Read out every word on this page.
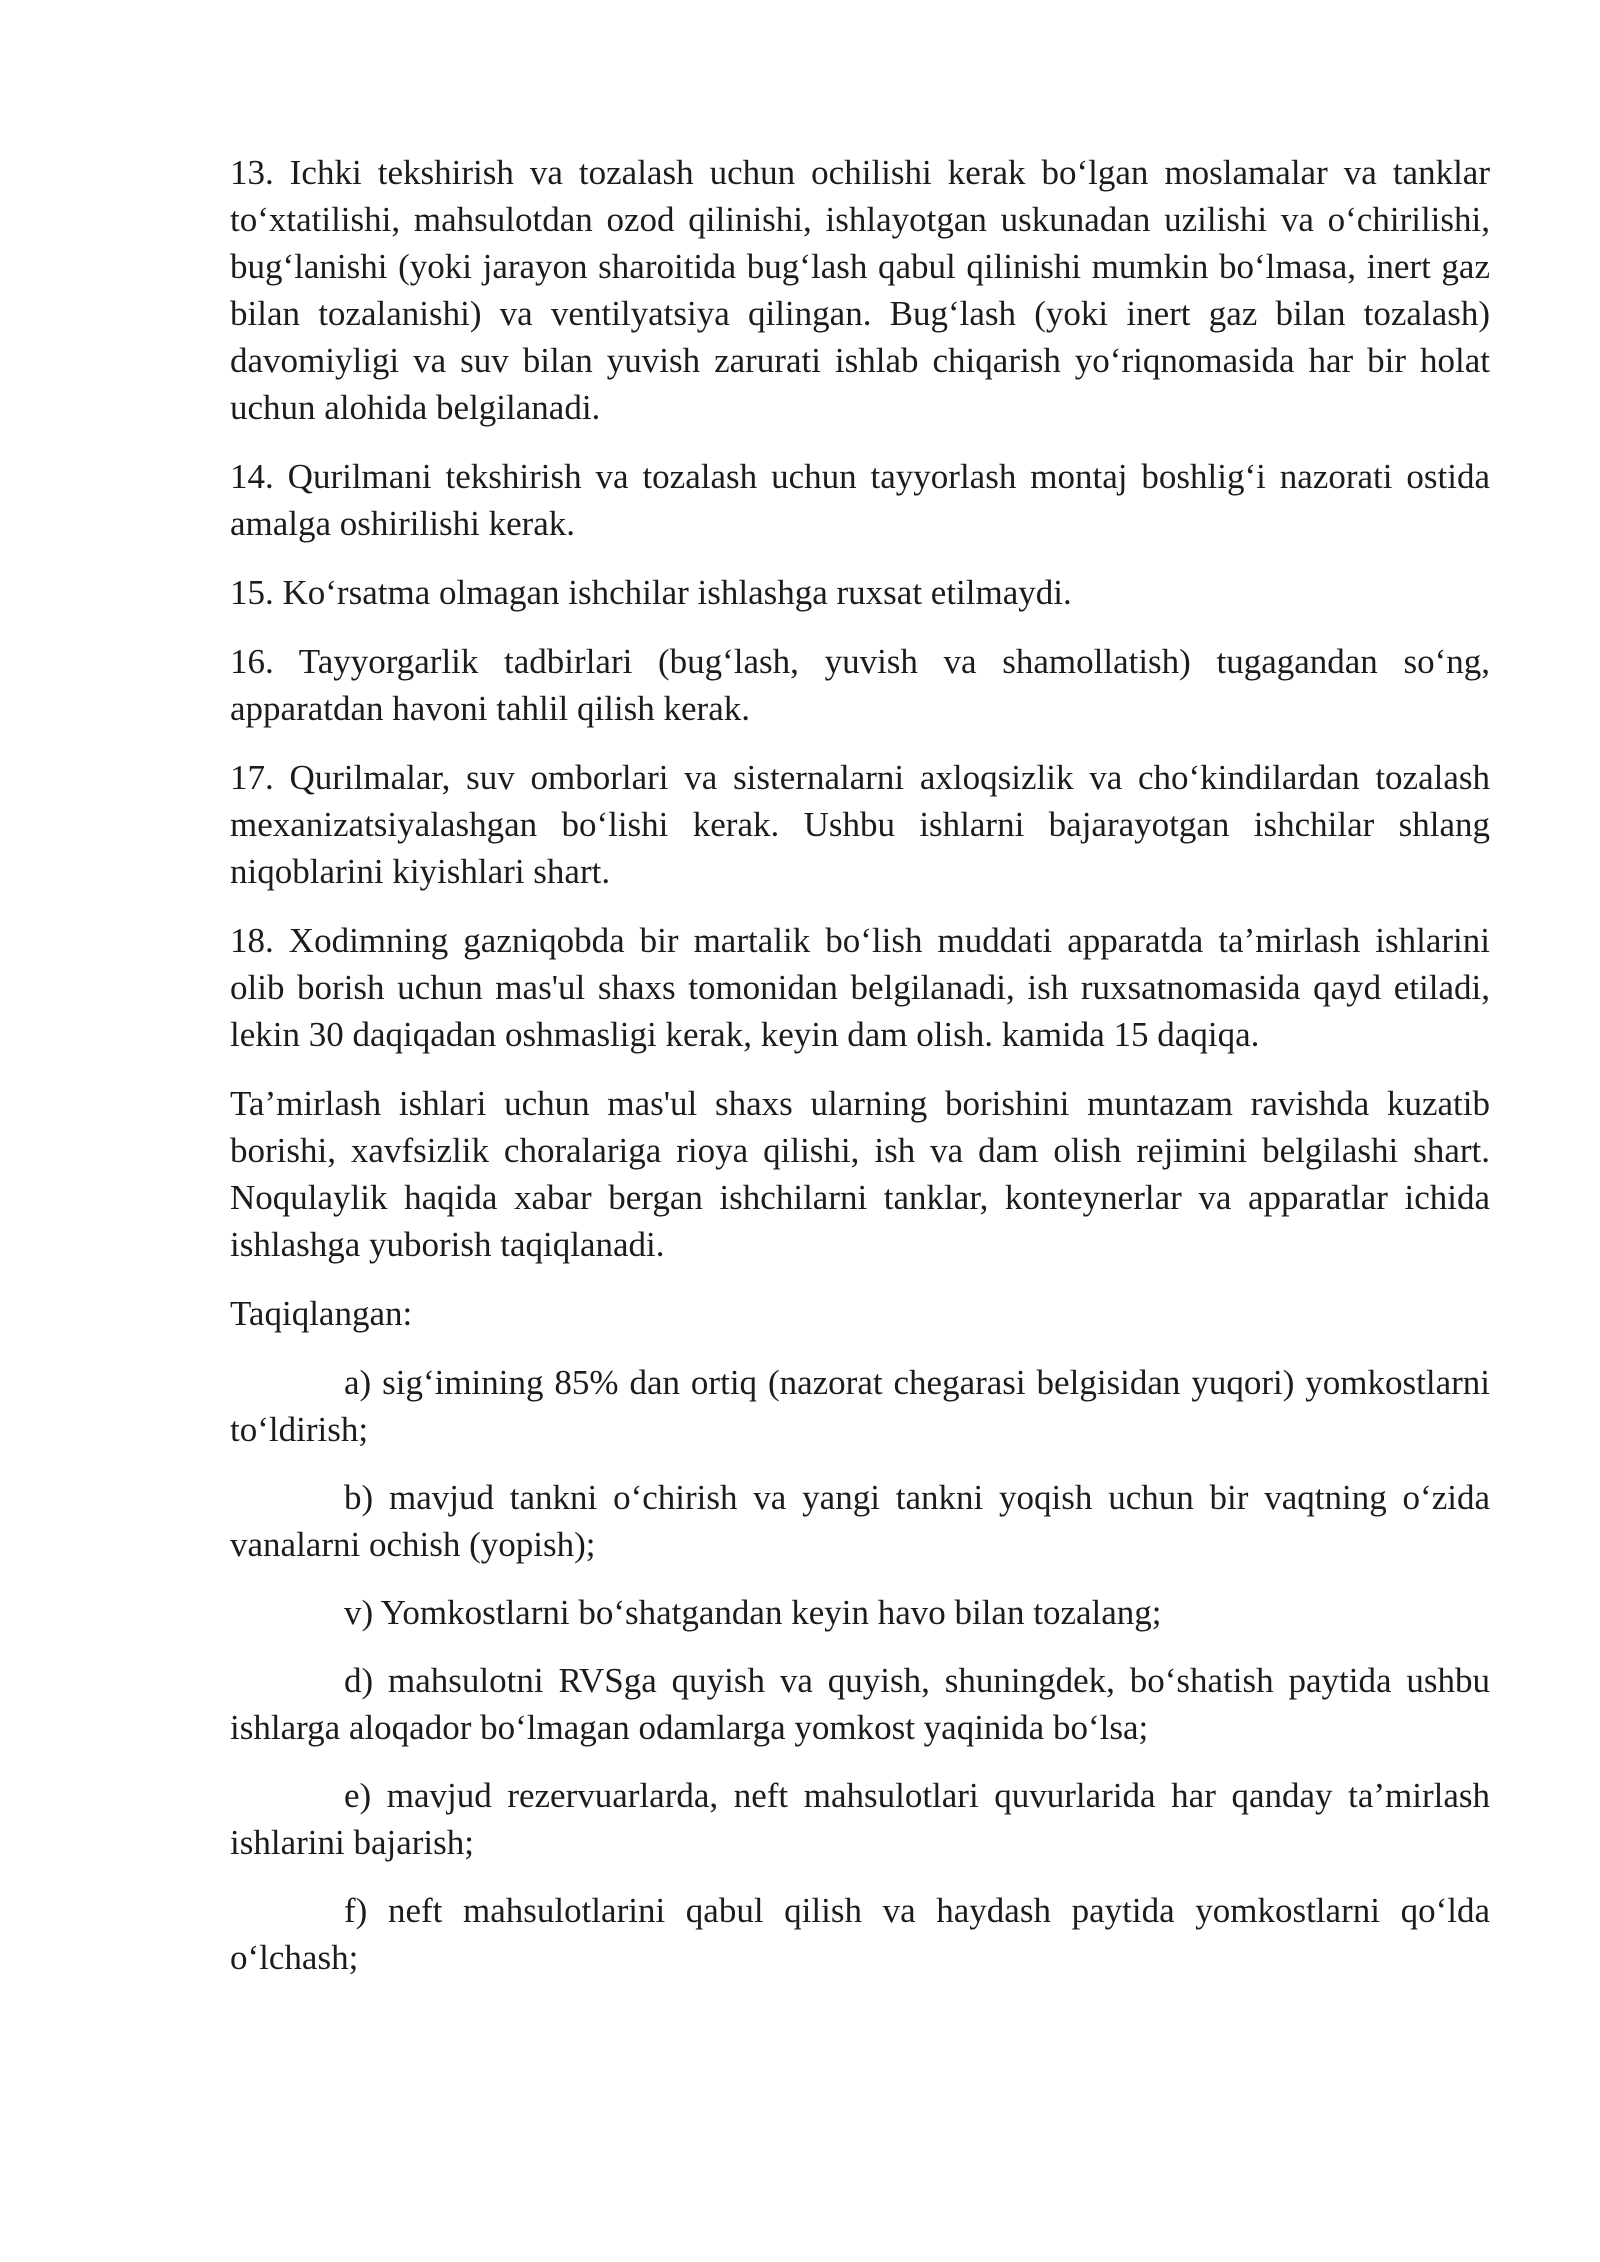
13. Ichki tekshirish va tozalash uchun ochilishi kerak bo‘lgan moslamalar va tanklar to‘xtatilishi, mahsulotdan ozod qilinishi, ishlayotgan uskunadan uzilishi va o‘chirilishi, bug‘lanishi (yoki jarayon sharoitida bug‘lash qabul qilinishi mumkin bo‘lmasa, inert gaz bilan tozalanishi) va ventilyatsiya qilingan. Bug‘lash (yoki inert gaz bilan tozalash) davomiyligi va suv bilan yuvish zarurati ishlab chiqarish yo‘riqnomasida har bir holat uchun alohida belgilanadi.

14. Qurilmani tekshirish va tozalash uchun tayyorlash montaj boshlig‘i nazorati ostida amalga oshirilishi kerak.

15. Ko‘rsatma olmagan ishchilar ishlashga ruxsat etilmaydi.

16. Tayyorgarlik tadbirlari (bug‘lash, yuvish va shamollatish) tugagandan so‘ng, apparatdan havoni tahlil qilish kerak.

17. Qurilmalar, suv omborlari va sisternalarni axloqsizlik va cho‘kindilardan tozalash mexanizatsiyalashgan bo‘lishi kerak. Ushbu ishlarni bajarayotgan ishchilar shlang niqoblarini kiyishlari shart.

18. Xodimning gazniqobda bir martalik bo‘lish muddati apparatda ta’mirlash ishlarini olib borish uchun mas'ul shaxs tomonidan belgilanadi, ish ruxsatnomasida qayd etiladi, lekin 30 daqiqadan oshmasligi kerak, keyin dam olish. kamida 15 daqiqa.

Ta’mirlash ishlari uchun mas'ul shaxs ularning borishini muntazam ravishda kuzatib borishi, xavfsizlik choralariga rioya qilishi, ish va dam olish rejimini belgilashi shart. Noqulaylik haqida xabar bergan ishchilarni tanklar, konteynerlar va apparatlar ichida ishlashga yuborish taqiqlanadi.

Taqiqlangan:

a) sig‘imining 85% dan ortiq (nazorat chegarasi belgisidan yuqori) yomkostlarni to‘ldirish;

b) mavjud tankni o‘chirish va yangi tankni yoqish uchun bir vaqtning o‘zida vanalarni ochish (yopish);

v) Yomkostlarni bo‘shatgandan keyin havo bilan tozalang;

d) mahsulotni RVSga quyish va quyish, shuningdek, bo‘shatish paytida ushbu ishlarga aloqador bo‘lmagan odamlarga yomkost yaqinida bo‘lsa;

e) mavjud rezervuarlarda, neft mahsulotlari quvurlarida har qanday ta’mirlash ishlarini bajarish;

f) neft mahsulotlarini qabul qilish va haydash paytida yomkostlarni qo‘lda o‘lchash;
